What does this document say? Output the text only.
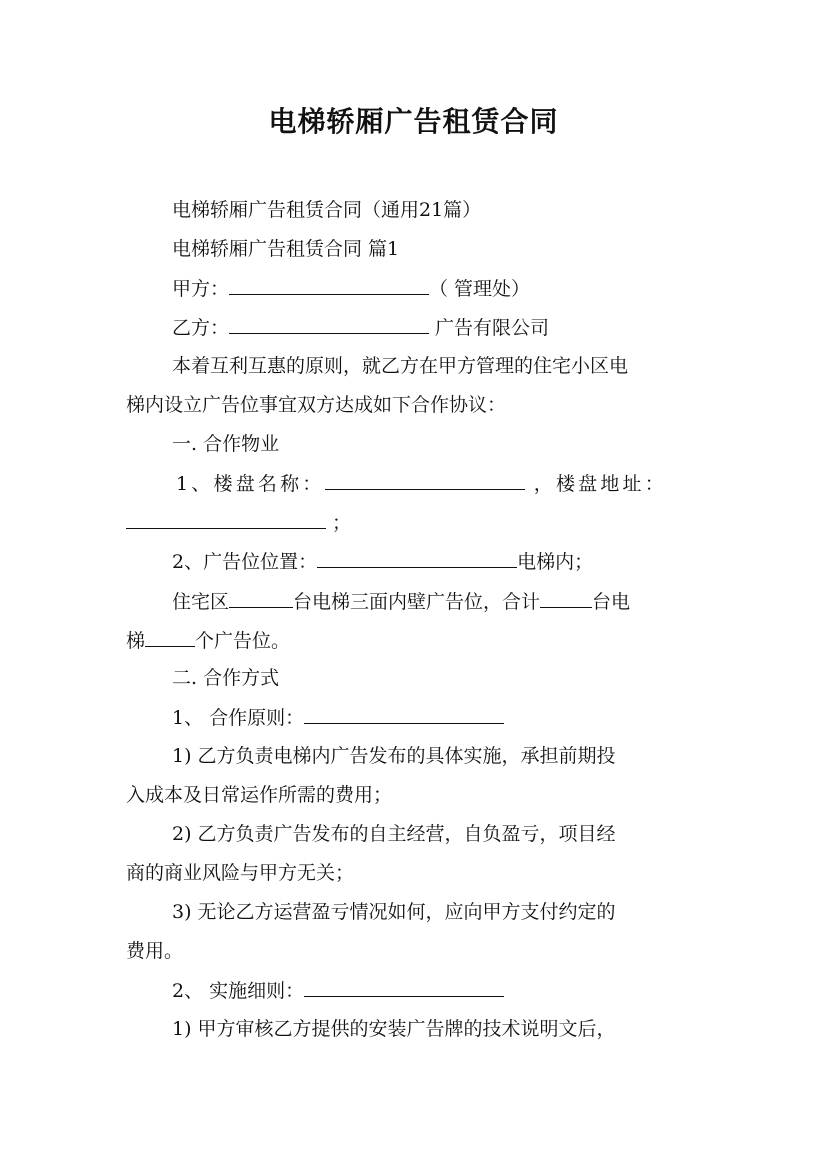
电梯轿厢广告租赁合同
电梯轿厢广告租赁合同（通用21篇）
电梯轿厢广告租赁合同 篇1
甲方：	（ 管理处）
乙方：	广告有限公司
本着互利互惠的原则，就乙方在甲方管理的住宅小区电
梯内设立广告位事宜双方达成如下合作协议：
一. 合作物业
1、楼盘名称：	，楼盘地址：
；
2、广告位位置：	电梯内；
住宅区	台电梯三面内壁广告位，合计	台电
梯	个广告位。
二. 合作方式
1、 合作原则：
1) 乙方负责电梯内广告发布的具体实施，承担前期投
入成本及日常运作所需的费用；
2) 乙方负责广告发布的自主经营，自负盈亏，项目经
商的商业风险与甲方无关；
3) 无论乙方运营盈亏情况如何，应向甲方支付约定的
费用。
2、 实施细则：
1) 甲方审核乙方提供的安装广告牌的技术说明文后，
